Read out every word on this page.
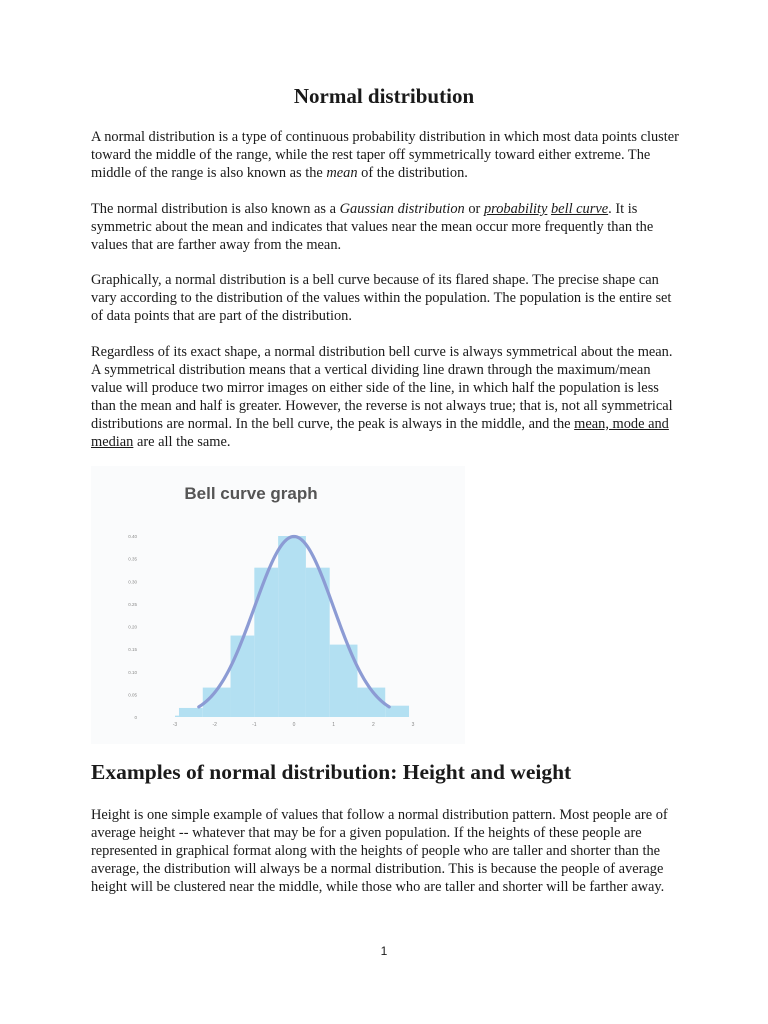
Normal distribution

A normal distribution is a type of continuous probability distribution in which most data points cluster toward the middle of the range, while the rest taper off symmetrically toward either extreme. The middle of the range is also known as the mean of the distribution.

The normal distribution is also known as a Gaussian distribution or probability bell curve. It is symmetric about the mean and indicates that values near the mean occur more frequently than the values that are farther away from the mean.

Graphically, a normal distribution is a bell curve because of its flared shape. The precise shape can vary according to the distribution of the values within the population. The population is the entire set of data points that are part of the distribution.

Regardless of its exact shape, a normal distribution bell curve is always symmetrical about the mean. A symmetrical distribution means that a vertical dividing line drawn through the maximum/mean value will produce two mirror images on either side of the line, in which half the population is less than the mean and half is greater. However, the reverse is not always true; that is, not all symmetrical distributions are normal. In the bell curve, the peak is always in the middle, and the mean, mode and median are all the same.

Bell curve graph
0
0.05
0.10
0.15
0.20
0.25
0.30
0.35
0.40
-3	-2	-1	0	1	2	3
Examples of normal distribution: Height and weight

Height is one simple example of values that follow a normal distribution pattern. Most people are of average height -- whatever that may be for a given population. If the heights of these people are represented in graphical format along with the heights of people who are taller and shorter than the average, the distribution will always be a normal distribution. This is because the people of average height will be clustered near the middle, while those who are taller and shorter will be farther away.

1
